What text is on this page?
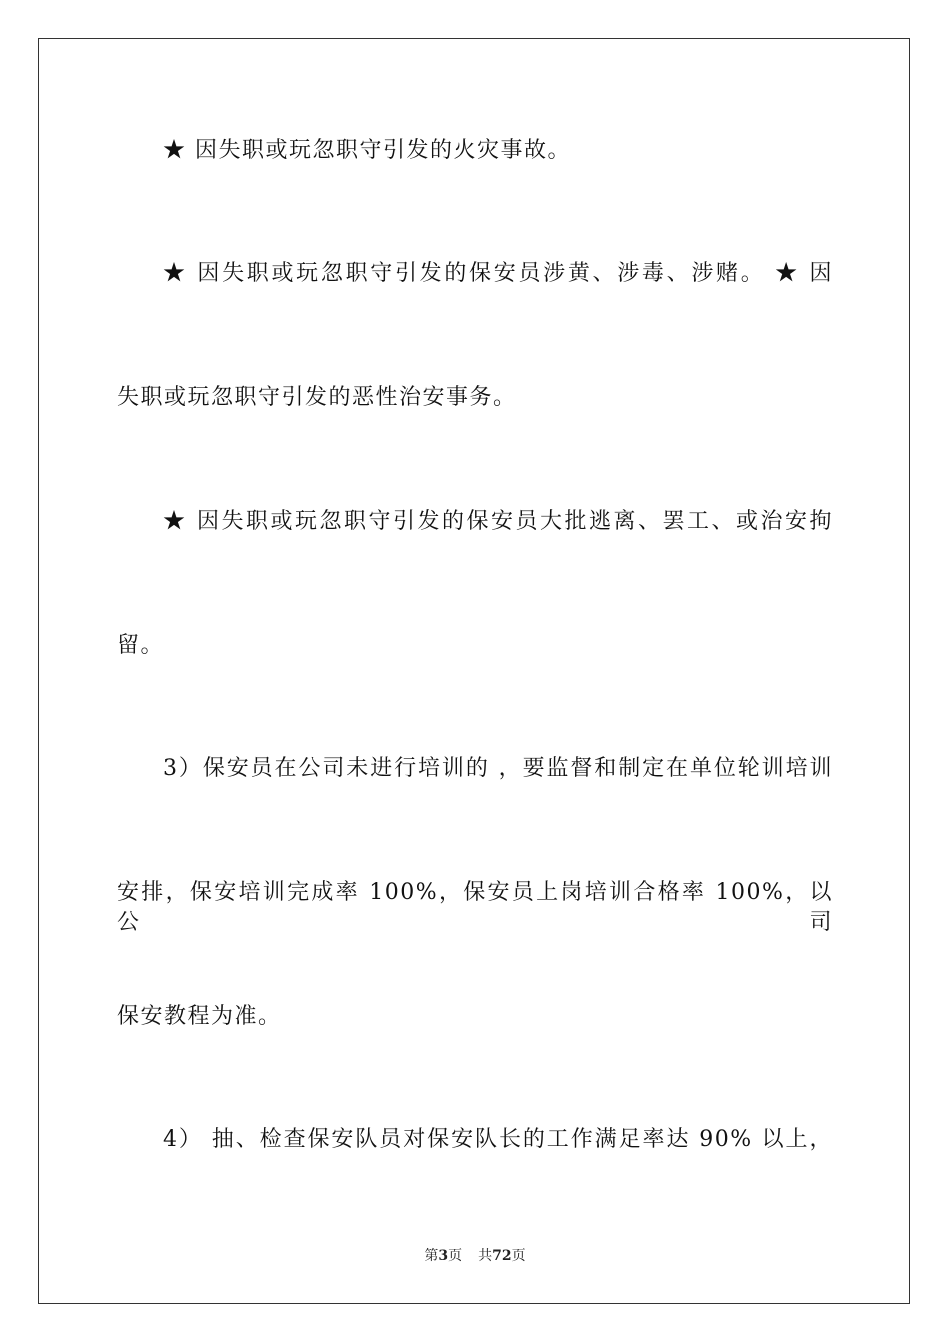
★ 因失职或玩忽职守引发的火灾事故。
★ 因失职或玩忽职守引发的保安员涉黄、涉毒、涉赌。 ★ 因
失职或玩忽职守引发的恶性治安事务。
★ 因失职或玩忽职守引发的保安员大批逃离、罢工、或治安拘
留。
3）保安员在公司未进行培训的 ，要监督和制定在单位轮训培训
安排，保安培训完成率 100%，保安员上岗培训合格率 100%，以公司
保安教程为准。
4） 抽、检查保安队员对保安队长的工作满足率达 90% 以上，
第3页 共72页
